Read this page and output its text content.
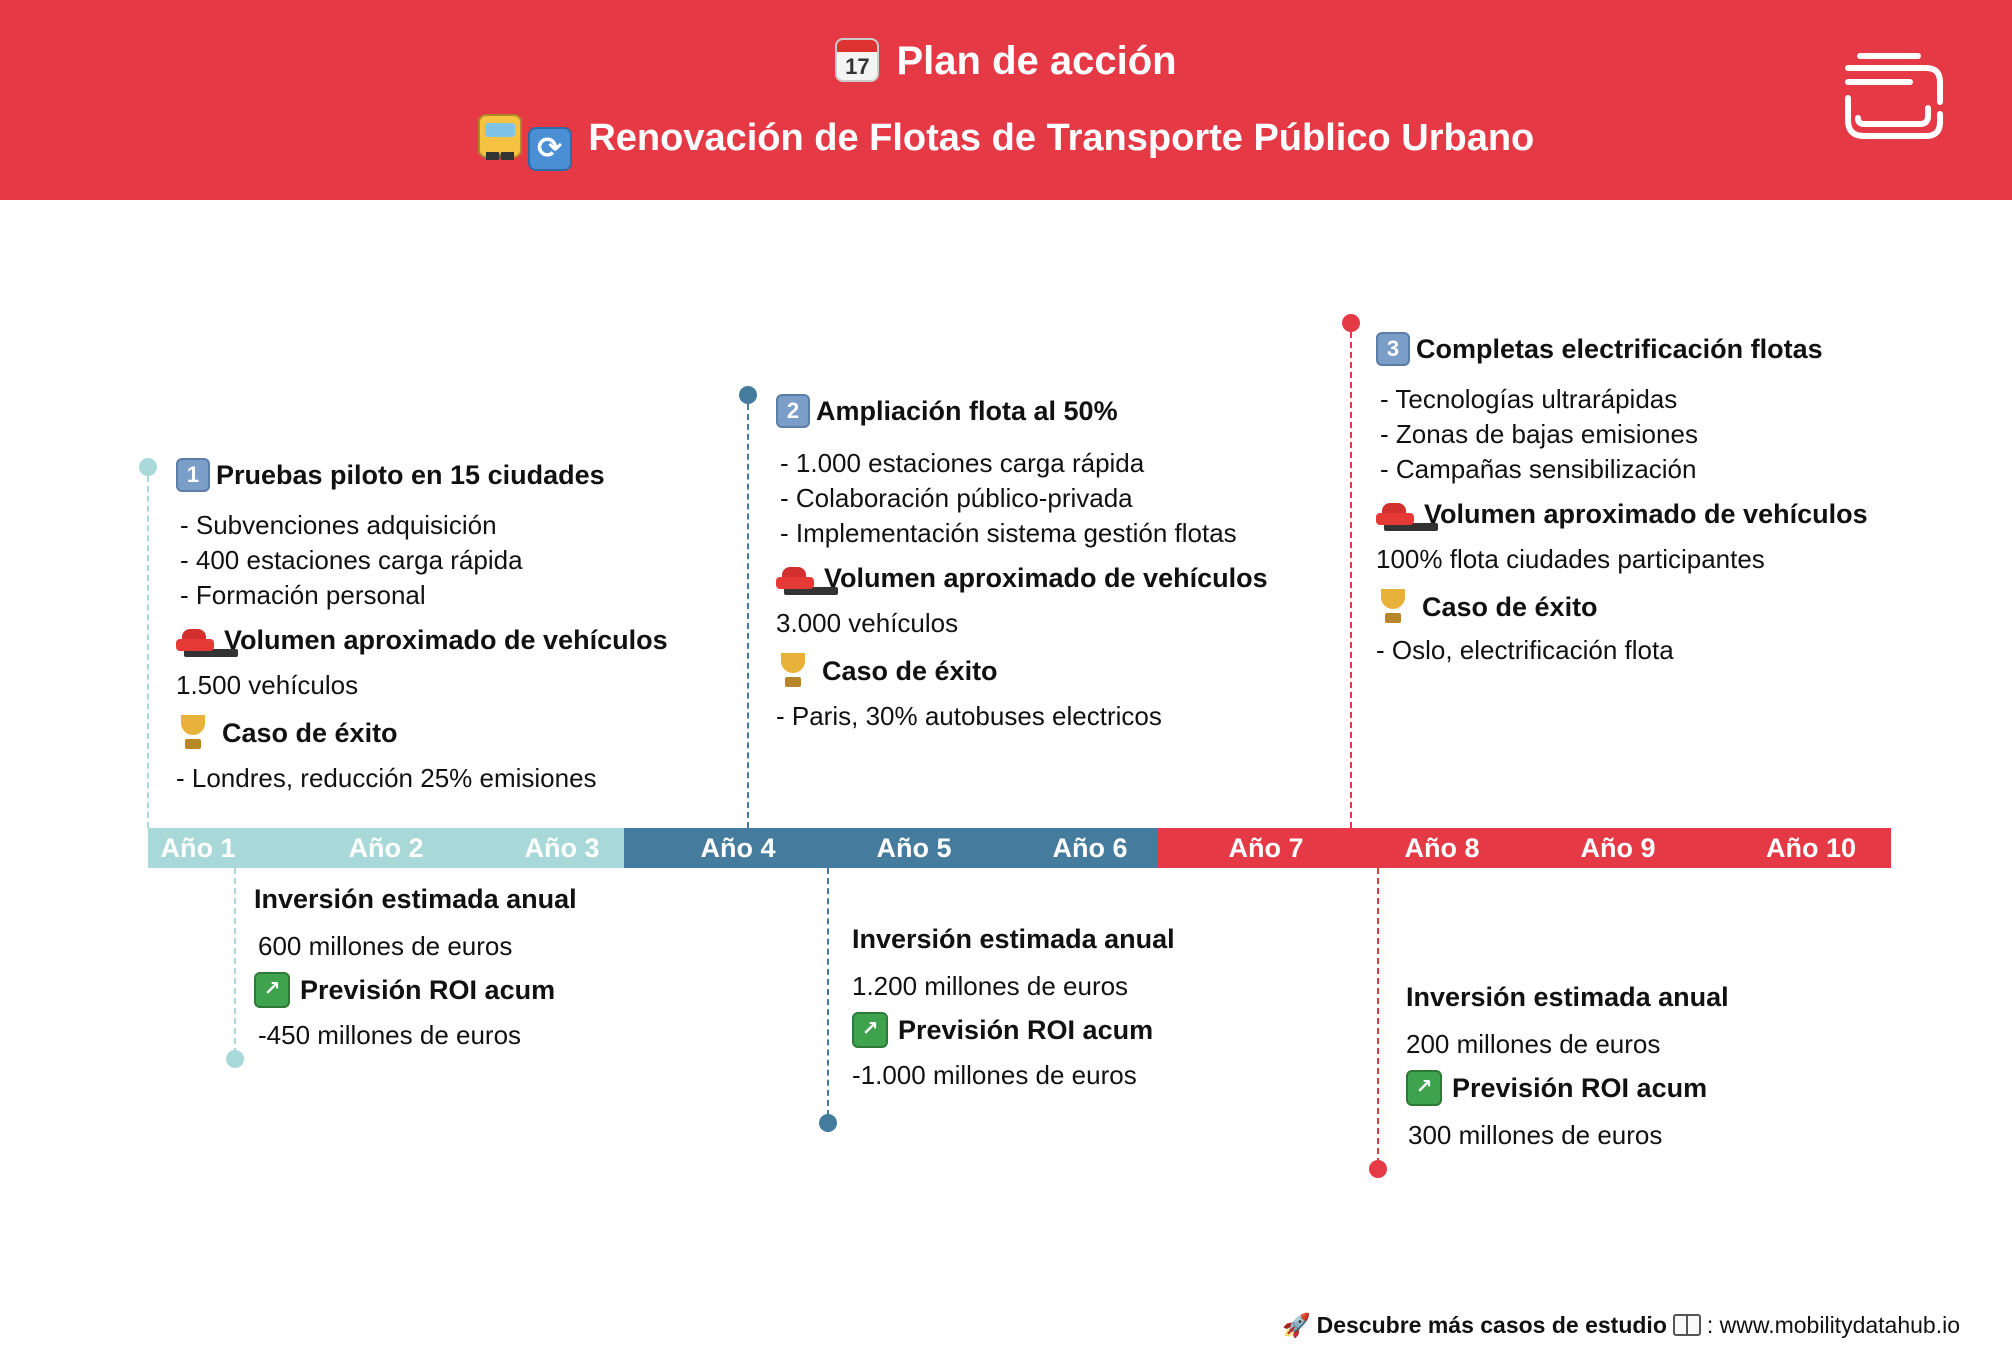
17 Plan de acción
⟳ Renovación de Flotas de Transporte Público Urbano
Año 1	Año 2	Año 3	Año 4	Año 5	Año 6	Año 7	Año 8	Año 9	Año 10
1 Pruebas piloto en 15 ciudades
- Subvenciones adquisición
- 400 estaciones carga rápida
- Formación personal
Volumen aproximado de vehículos
1.500 vehículos
Caso de éxito
- Londres, reducción 25% emisiones
2 Ampliación flota al 50%
- 1.000 estaciones carga rápida
- Colaboración público-privada
- Implementación sistema gestión flotas
Volumen aproximado de vehículos
3.000 vehículos
Caso de éxito
- Paris, 30% autobuses electricos
3 Completas electrificación flotas
- Tecnologías ultrarápidas
- Zonas de bajas emisiones
- Campañas sensibilización
Volumen aproximado de vehículos
100% flota ciudades participantes
Caso de éxito
- Oslo, electrificación flota
Inversión estimada anual
600 millones de euros
↗ Previsión ROI acum
-450 millones de euros
Inversión estimada anual
1.200 millones de euros
↗ Previsión ROI acum
-1.000 millones de euros
Inversión estimada anual
200 millones de euros
↗ Previsión ROI acum
300 millones de euros
🚀 Descubre más casos de estudio : www.mobilitydatahub.io
